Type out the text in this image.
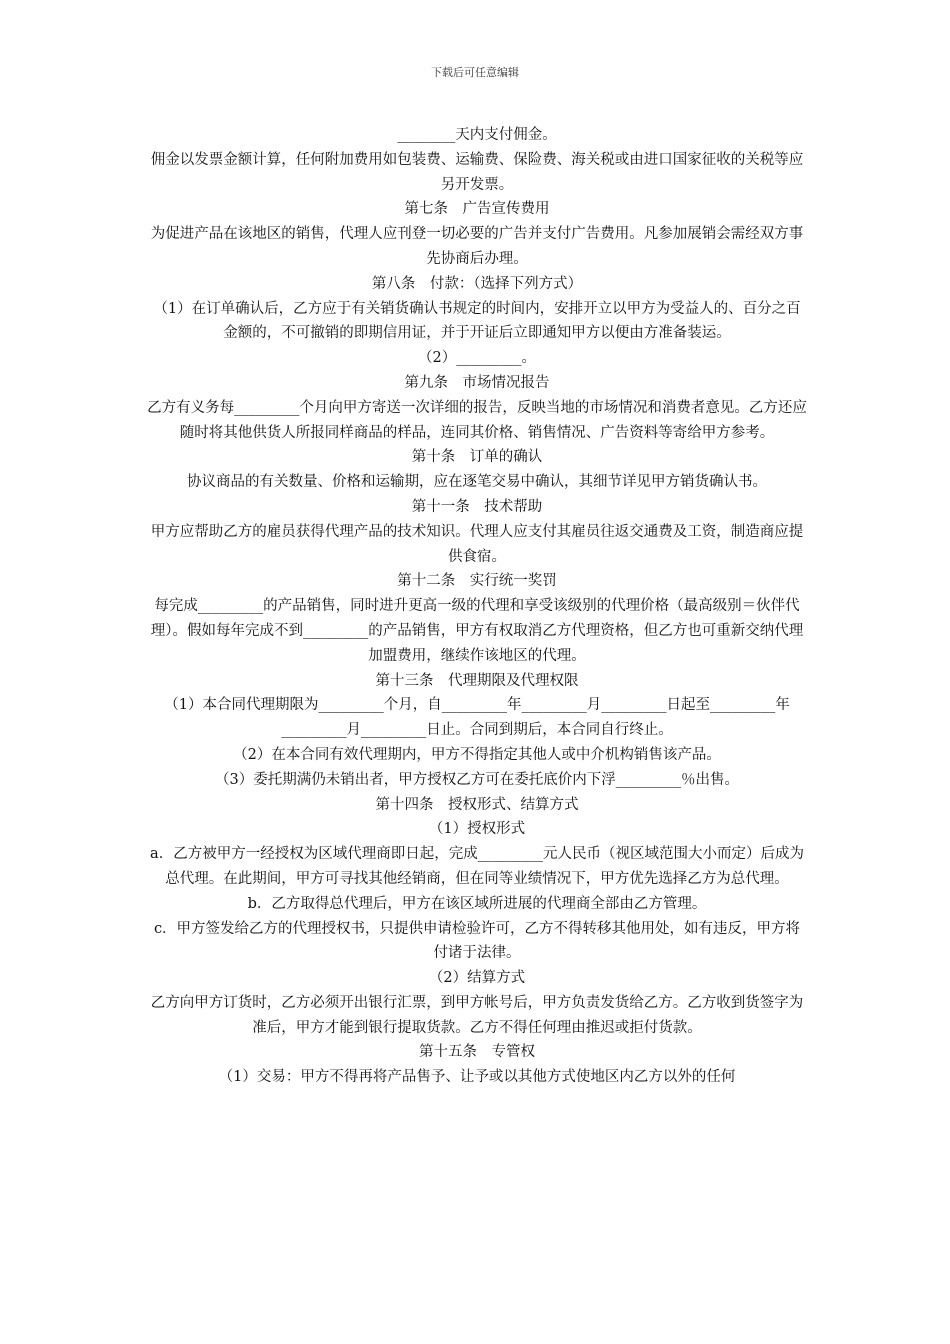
下载后可任意编辑

________天内支付佣金。

佣金以发票金额计算，任何附加费用如包装费、运输费、保险费、海关税或由进口国家征收的关税等应另开发票。

第七条　广告宣传费用

为促进产品在该地区的销售，代理人应刊登一切必要的广告并支付广告费用。凡参加展销会需经双方事先协商后办理。

第八条　付款：（选择下列方式）

（1）在订单确认后，乙方应于有关销货确认书规定的时间内，安排开立以甲方为受益人的、百分之百金额的，不可撤销的即期信用证，并于开证后立即通知甲方以便由方准备装运。

（2）_________。

第九条　市场情况报告

乙方有义务每_________个月向甲方寄送一次详细的报告，反映当地的市场情况和消费者意见。乙方还应随时将其他供货人所报同样商品的样品，连同其价格、销售情况、广告资料等寄给甲方参考。

第十条　订单的确认

协议商品的有关数量、价格和运输期，应在逐笔交易中确认，其细节详见甲方销货确认书。

第十一条　技术帮助

甲方应帮助乙方的雇员获得代理产品的技术知识。代理人应支付其雇员往返交通费及工资，制造商应提供食宿。

第十二条　实行统一奖罚

每完成_________的产品销售，同时进升更高一级的代理和享受该级别的代理价格（最高级别＝伙伴代理）。假如每年完成不到_________的产品销售，甲方有权取消乙方代理资格，但乙方也可重新交纳代理加盟费用，继续作该地区的代理。

第十三条　代理期限及代理权限

（1）本合同代理期限为_________个月，自_________年_________月_________日起至_________年_________月_________日止。合同到期后，本合同自行终止。

（2）在本合同有效代理期内，甲方不得指定其他人或中介机构销售该产品。

（3）委托期满仍未销出者，甲方授权乙方可在委托底价内下浮_________％出售。

第十四条　授权形式、结算方式

（1）授权形式

a．乙方被甲方一经授权为区域代理商即日起，完成_________元人民币（视区域范围大小而定）后成为总代理。在此期间，甲方可寻找其他经销商，但在同等业绩情况下，甲方优先选择乙方为总代理。

b．乙方取得总代理后，甲方在该区域所进展的代理商全部由乙方管理。

c．甲方签发给乙方的代理授权书，只提供申请检验许可，乙方不得转移其他用处，如有违反，甲方将付诸于法律。

（2）结算方式

乙方向甲方订货时，乙方必须开出银行汇票，到甲方帐号后，甲方负责发货给乙方。乙方收到货签字为准后，甲方才能到银行提取货款。乙方不得任何理由推迟或拒付货款。

第十五条　专管权

（1）交易：甲方不得再将产品售予、让予或以其他方式使地区内乙方以外的任何
